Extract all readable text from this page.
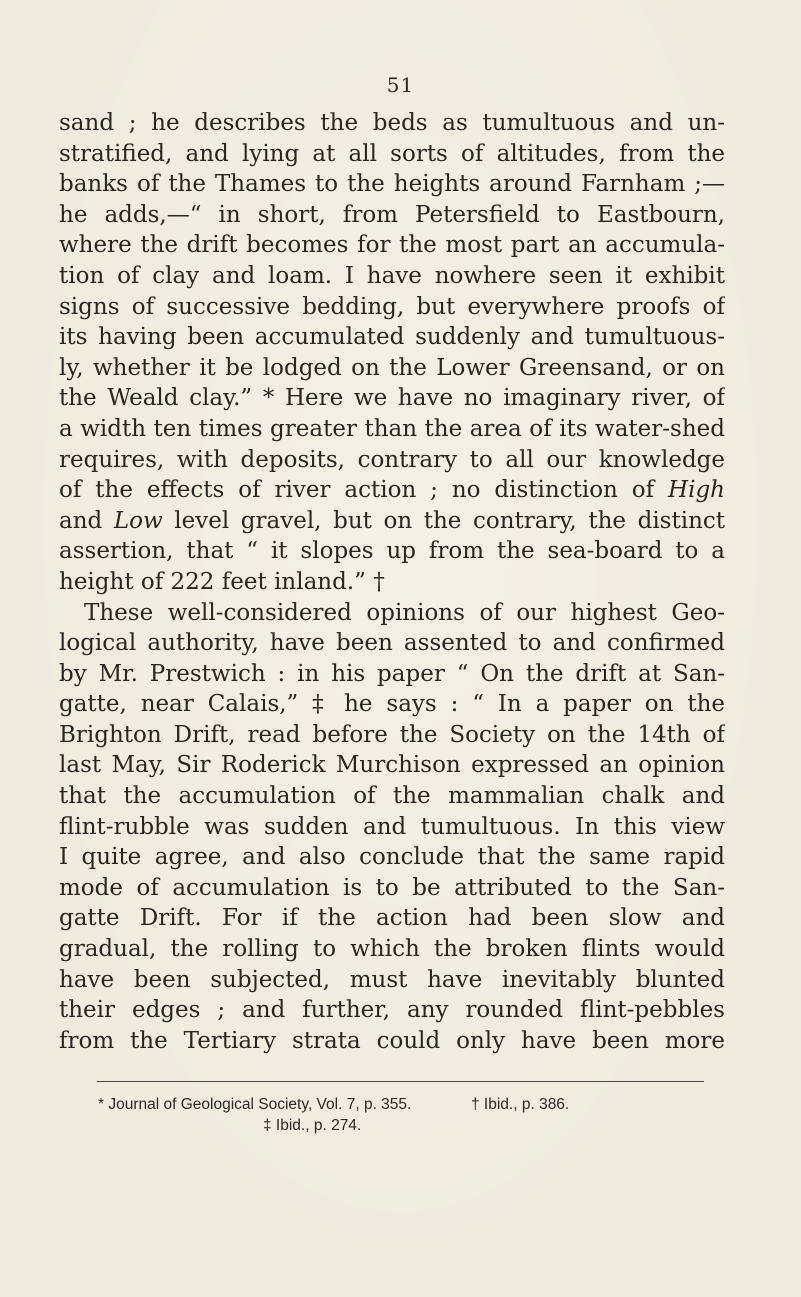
51
sand ; he describes the beds as tumultuous and un-
stratified, and lying at all sorts of altitudes, from the
banks of the Thames to the heights around Farnham ;—
he adds,—“ in short, from Petersfield to Eastbourn,
where the drift becomes for the most part an accumula-
tion of clay and loam. I have nowhere seen it exhibit
signs of successive bedding, but everywhere proofs of
its having been accumulated suddenly and tumultuous-
ly, whether it be lodged on the Lower Greensand, or on
the Weald clay.” * Here we have no imaginary river, of
a width ten times greater than the area of its water-shed
requires, with deposits, contrary to all our knowledge
of the effects of river action ; no distinction of High
and Low level gravel, but on the contrary, the distinct
assertion, that “ it slopes up from the sea-board to a
height of 222 feet inland.” †
These well-considered opinions of our highest Geo-
logical authority, have been assented to and confirmed
by Mr. Prestwich : in his paper “ On the drift at San-
gatte, near Calais,” ‡ he says : “ In a paper on the
Brighton Drift, read before the Society on the 14th of
last May, Sir Roderick Murchison expressed an opinion
that the accumulation of the mammalian chalk and
flint-rubble was sudden and tumultuous. In this view
I quite agree, and also conclude that the same rapid
mode of accumulation is to be attributed to the San-
gatte Drift. For if the action had been slow and
gradual, the rolling to which the broken flints would
have been subjected, must have inevitably blunted
their edges ; and further, any rounded flint-pebbles
from the Tertiary strata could only have been more
* Journal of Geological Society, Vol. 7, p. 355.	† Ibid., p. 386.
‡ Ibid., p. 274.
